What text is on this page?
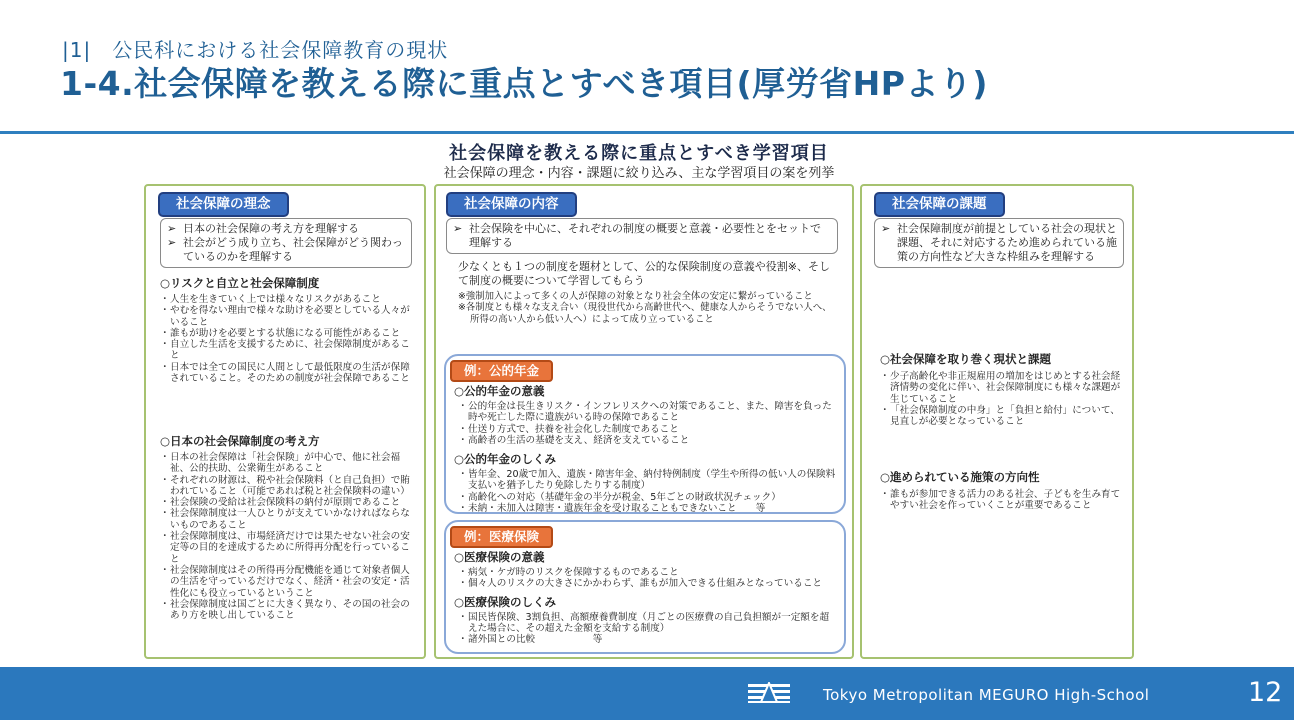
|1|　公民科における社会保障教育の現状
1-4.社会保障を教える際に重点とすべき項目(厚労省HPより)
社会保障を教える際に重点とすべき学習項目
社会保障の理念・内容・課題に絞り込み、主な学習項目の案を列挙
社会保障の理念
➢ 日本の社会保障の考え方を理解する
➢ 社会がどう成り立ち、社会保障がどう関わっているのかを理解する
○リスクと自立と社会保障制度
・ 人生を生きていく上では様々なリスクがあること
・ やむを得ない理由で様々な助けを必要としている人々がいること
・ 誰もが助けを必要とする状態になる可能性があること
・ 自立した生活を支援するために、社会保障制度があること
・ 日本では全ての国民に人間として最低限度の生活が保障されていること。そのための制度が社会保障であること
○日本の社会保障制度の考え方
・ 日本の社会保障は「社会保険」が中心で、他に社会福祉、公的扶助、公衆衛生があること
・ それぞれの財源は、税や社会保険料（と自己負担）で賄われていること（可能であれば税と社会保険料の違い）
・ 社会保険の受給は社会保険料の納付が原則であること
・ 社会保障制度は一人ひとりが支えていかなければならないものであること
・ 社会保障制度は、市場経済だけでは果たせない社会の安定等の目的を達成するために所得再分配を行っていること
・ 社会保障制度はその所得再分配機能を通じて対象者個人の生活を守っているだけでなく、経済・社会の安定・活性化にも役立っているということ
・ 社会保障制度は国ごとに大きく異なり、その国の社会のあり方を映し出していること
社会保障の内容
➢ 社会保険を中心に、それぞれの制度の概要と意義・必要性とをセットで理解する
少なくとも１つの制度を題材として、公的な保険制度の意義や役割※、そして制度の概要について学習してもらう
※強制加入によって多くの人が保障の対象となり社会全体の安定に繋がっていること
※各制度とも様々な支え合い（現役世代から高齢世代へ、健康な人からそうでない人へ、所得の高い人から低い人へ）によって成り立っていること
例：公的年金
○公的年金の意義
・ 公的年金は長生きリスク・インフレリスクへの対策であること、また、障害を負った時や死亡した際に遺族がいる時の保障であること
・ 仕送り方式で、扶養を社会化した制度であること
・ 高齢者の生活の基礎を支え、経済を支えていること
○公的年金のしくみ
・ 皆年金、20歳で加入、遺族・障害年金、納付特例制度（学生や所得の低い人の保険料支払いを猶予したり免除したりする制度）
・ 高齢化への対応（基礎年金の半分が税金、5年ごとの財政状況チェック）
・ 未納・未加入は障害・遺族年金を受け取ることもできないこと　　等
例：医療保険
○医療保険の意義
・ 病気・ケガ時のリスクを保障するものであること
・ 個々人のリスクの大きさにかかわらず、誰もが加入できる仕組みとなっていること
○医療保険のしくみ
・ 国民皆保険、3割負担、高額療養費制度（月ごとの医療費の自己負担額が一定額を超えた場合に、その超えた金額を支給する制度）
・ 諸外国との比較　　　　　　等
社会保障の課題
➢ 社会保障制度が前提としている社会の現状と課題、それに対応するため進められている施策の方向性など大きな枠組みを理解する
○社会保障を取り巻く現状と課題
・ 少子高齢化や非正規雇用の増加をはじめとする社会経済情勢の変化に伴い、社会保障制度にも様々な課題が生じていること
・ 「社会保障制度の中身」と「負担と給付」について、見直しが必要となっていること
○進められている施策の方向性
・ 誰もが参加できる活力のある社会、子どもを生み育てやすい社会を作っていくことが重要であること
Tokyo Metropolitan MEGURO High-School	12
